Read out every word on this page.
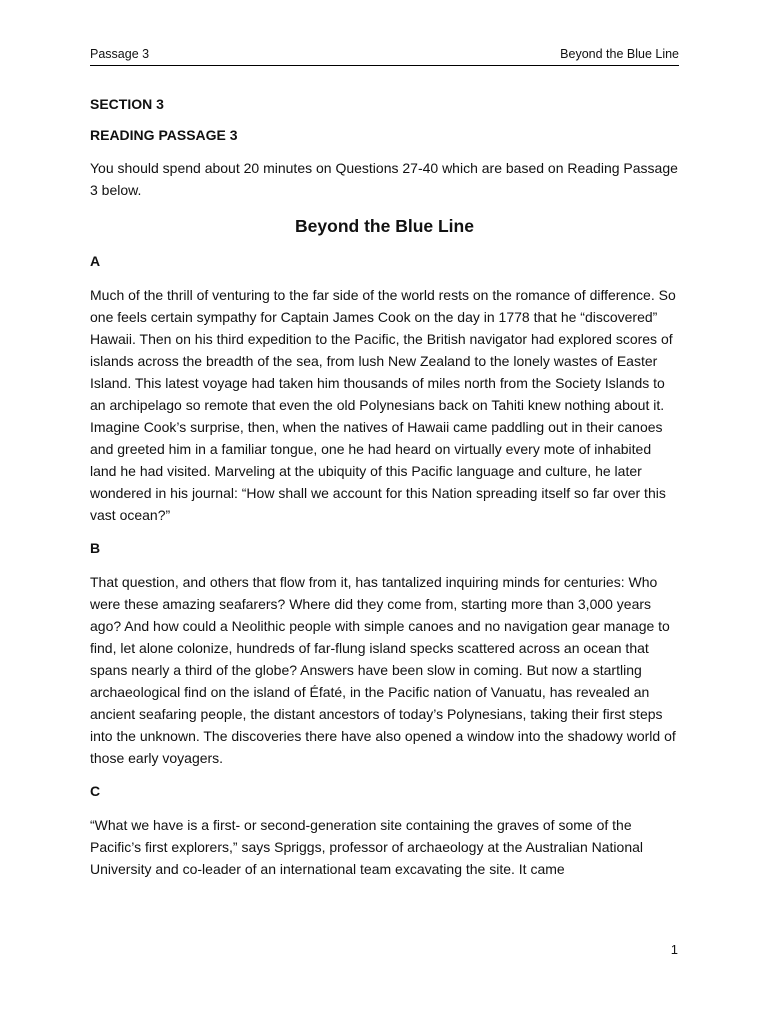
Passage 3	Beyond the Blue Line

SECTION 3

READING PASSAGE 3

You should spend about 20 minutes on Questions 27-40 which are based on Reading Passage 3 below.

Beyond the Blue Line

A

Much of the thrill of venturing to the far side of the world rests on the romance of difference. So one feels certain sympathy for Captain James Cook on the day in 1778 that he “discovered” Hawaii. Then on his third expedition to the Pacific, the British navigator had explored scores of islands across the breadth of the sea, from lush New Zealand to the lonely wastes of Easter Island. This latest voyage had taken him thousands of miles north from the Society Islands to an archipelago so remote that even the old Polynesians back on Tahiti knew nothing about it. Imagine Cook’s surprise, then, when the natives of Hawaii came paddling out in their canoes and greeted him in a familiar tongue, one he had heard on virtually every mote of inhabited land he had visited. Marveling at the ubiquity of this Pacific language and culture, he later wondered in his journal: “How shall we account for this Nation spreading itself so far over this vast ocean?”

B

That question, and others that flow from it, has tantalized inquiring minds for centuries: Who were these amazing seafarers? Where did they come from, starting more than 3,000 years ago? And how could a Neolithic people with simple canoes and no navigation gear manage to find, let alone colonize, hundreds of far-flung island specks scattered across an ocean that spans nearly a third of the globe? Answers have been slow in coming. But now a startling archaeological find on the island of Éfaté, in the Pacific nation of Vanuatu, has revealed an ancient seafaring people, the distant ancestors of today’s Polynesians, taking their first steps into the unknown. The discoveries there have also opened a window into the shadowy world of those early voyagers.

C

“What we have is a first- or second-generation site containing the graves of some of the Pacific’s first explorers,” says Spriggs, professor of archaeology at the Australian National University and co-leader of an international team excavating the site. It came

1
